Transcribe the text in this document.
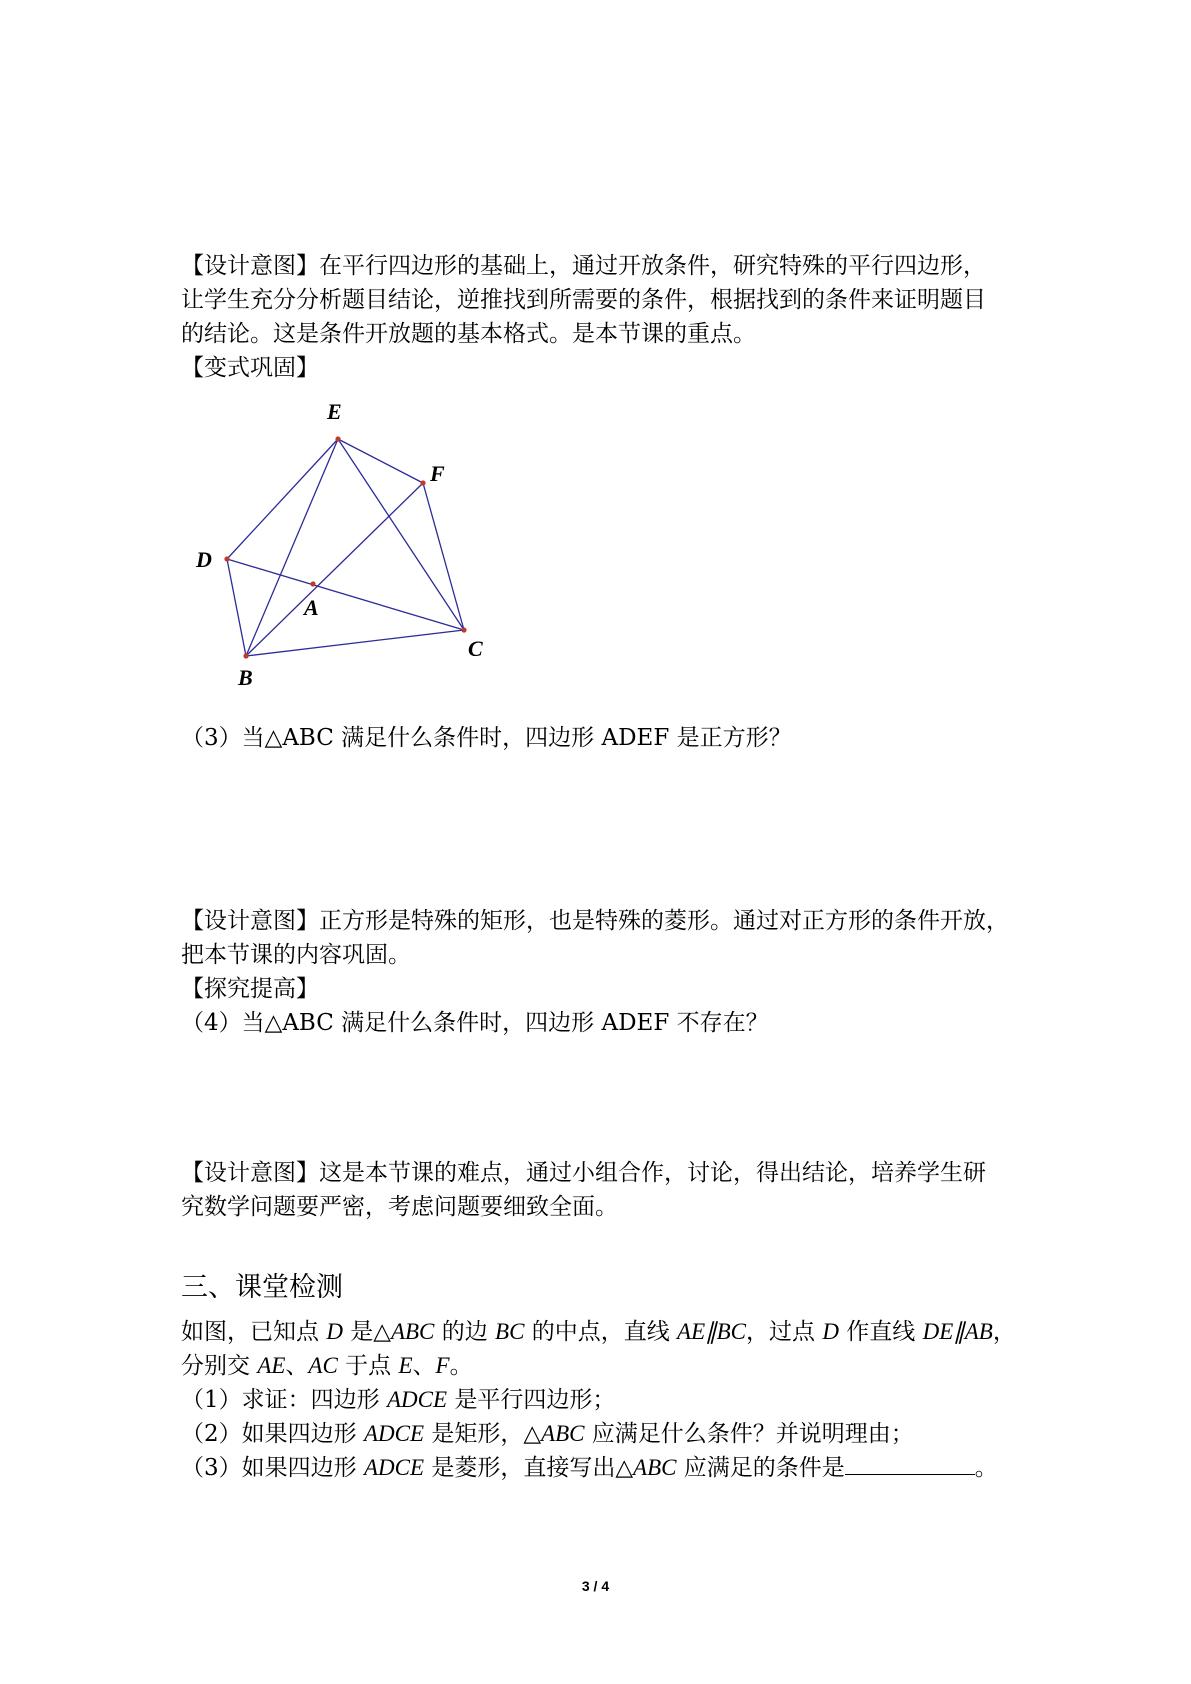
【设计意图】在平行四边形的基础上，通过开放条件，研究特殊的平行四边形，
让学生充分分析题目结论，逆推找到所需要的条件，根据找到的条件来证明题目
的结论。这是条件开放题的基本格式。是本节课的重点。
【变式巩固】
E
F
D
A
B
C
（3）当△ABC 满足什么条件时，四边形 ADEF 是正方形？
【设计意图】正方形是特殊的矩形，也是特殊的菱形。通过对正方形的条件开放，
把本节课的内容巩固。
【探究提高】
（4）当△ABC 满足什么条件时，四边形 ADEF 不存在？
【设计意图】这是本节课的难点，通过小组合作，讨论，得出结论，培养学生研
究数学问题要严密，考虑问题要细致全面。
三、课堂检测
如图，已知点 D 是△ABC 的边 BC 的中点，直线 AE∥BC，过点 D 作直线 DE∥AB，
分别交 AE、AC 于点 E、F。
（1）求证：四边形 ADCE 是平行四边形；
（2）如果四边形 ADCE 是矩形，△ABC 应满足什么条件？并说明理由；
（3）如果四边形 ADCE 是菱形，直接写出△ABC 应满足的条件是	。
3 / 4
